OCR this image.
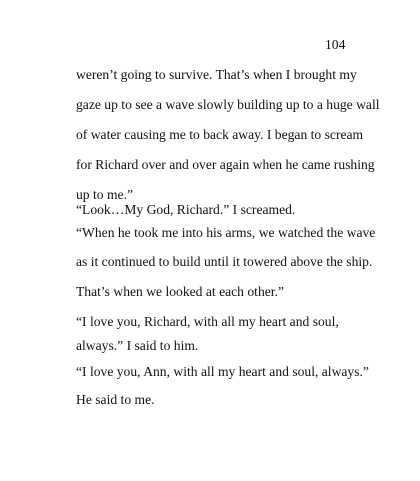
104
weren’t going to survive. That’s when I brought my
gaze up to see a wave slowly building up to a huge wall
of water causing me to back away. I began to scream
for Richard over and over again when he came rushing
up to me.”
“Look…My God, Richard.” I screamed.
“When he took me into his arms, we watched the wave
as it continued to build until it towered above the ship.
That’s when we looked at each other.”
“I love you, Richard, with all my heart and soul,
always.” I said to him.
“I love you, Ann, with all my heart and soul, always.”
He said to me.
